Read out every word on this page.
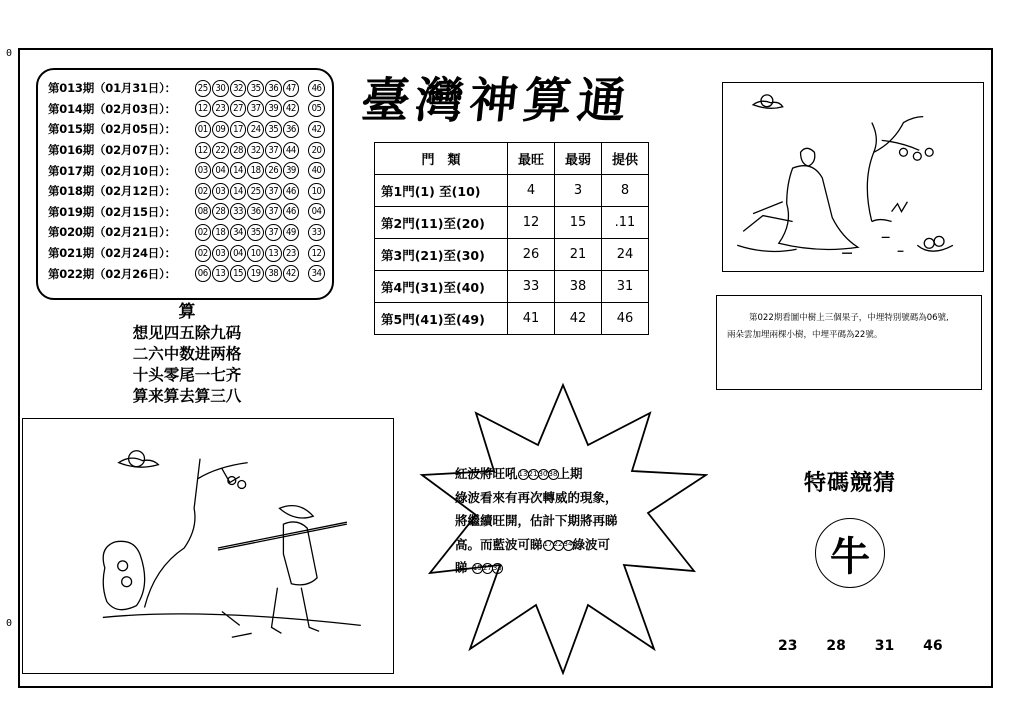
0
0
第013期（01月31日）：	25 30 32 35 36 47	46
第014期（02月03日）：	12 23 27 37 39 42	05
第015期（02月05日）：	01 09 17 24 35 36	42
第016期（02月07日）：	12 22 28 32 37 44	20
第017期（02月10日）：	03 04 14 18 26 39	40
第018期（02月12日）：	02 03 14 25 37 46	10
第019期（02月15日）：	08 28 33 36 37 46	04
第020期（02月21日）：	02 18 34 35 37 49	33
第021期（02月24日）：	02 03 04 10 13 23	12
第022期（02月26日）：	06 13 15 19 38 42	34
臺灣神算通
門　類	最旺	最弱	提供
第1門(1) 至(10)	4	3	8
第2門(11)至(20)	12	15	.11
第3門(21)至(30)	26	21	24
第4門(31)至(40)	33	38	31
第5門(41)至(49)	41	42	46
算
想见四五除九码
二六中数进两格
十头零尾一七齐
算来算去算三八
第022期看圖中樹上三個果子，中埋特別號碼為06號,
兩朵雲加埋兩棵小樹，中埋平碼為22號。
紅波將旺吼13213038上期
綠波看來有再次轉威的現象，
將繼續旺開，估計下期將再睇
高。而藍波可睇172234綠波可
睇 192733
特碼競猜
牛
23 28 31 46
